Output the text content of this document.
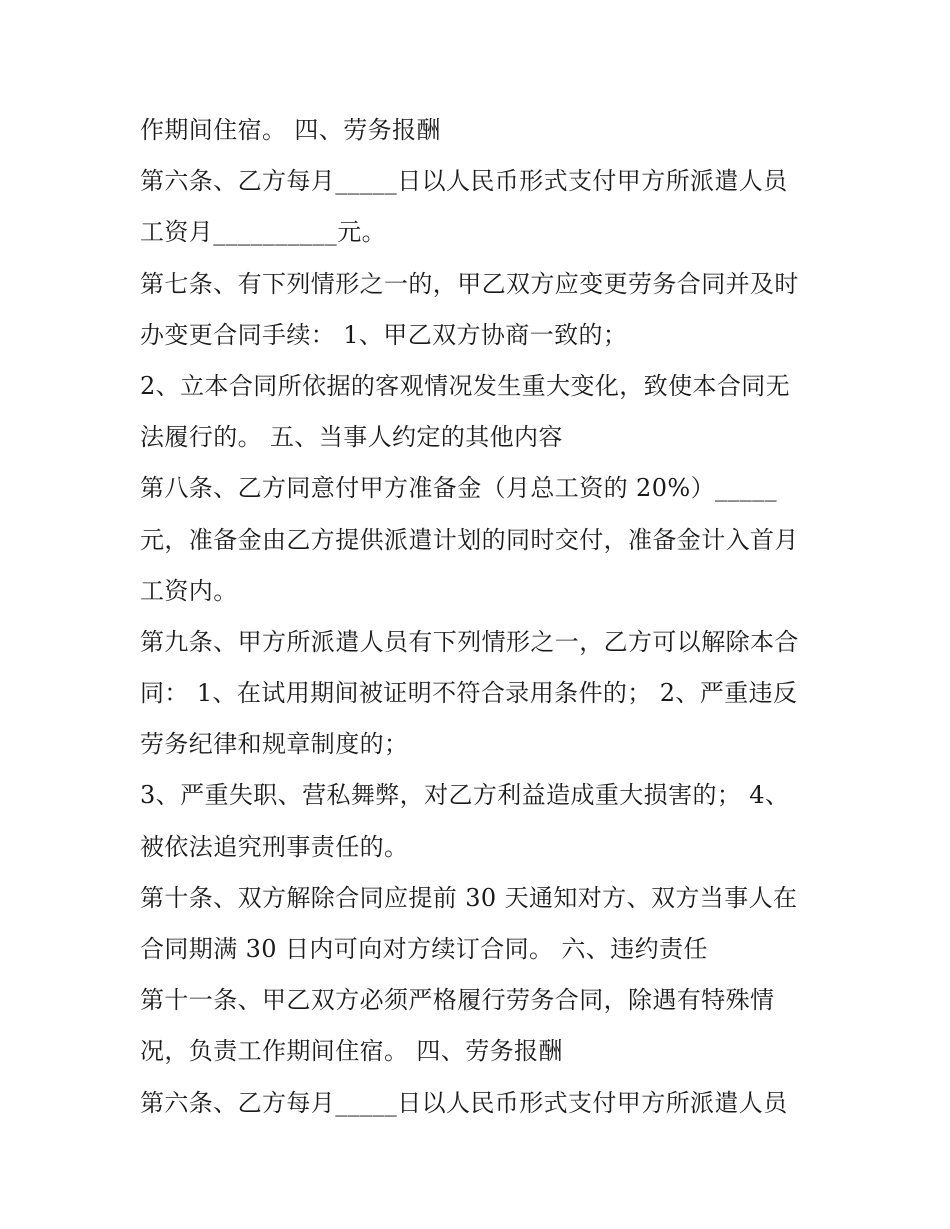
作期间住宿。 四、劳务报酬
第六条、乙方每月_____日以人民币形式支付甲方所派遣人员
工资月__________元。
第七条、有下列情形之一的，甲乙双方应变更劳务合同并及时
办变更合同手续： 1、甲乙双方协商一致的；
2、立本合同所依据的客观情况发生重大变化，致使本合同无
法履行的。 五、当事人约定的其他内容
第八条、乙方同意付甲方准备金（月总工资的 20%）_____
元，准备金由乙方提供派遣计划的同时交付，准备金计入首月
工资内。
第九条、甲方所派遣人员有下列情形之一，乙方可以解除本合
同： 1、在试用期间被证明不符合录用条件的； 2、严重违反
劳务纪律和规章制度的；
3、严重失职、营私舞弊，对乙方利益造成重大损害的； 4、
被依法追究刑事责任的。
第十条、双方解除合同应提前 30 天通知对方、双方当事人在
合同期满 30 日内可向对方续订合同。 六、违约责任
第十一条、甲乙双方必须严格履行劳务合同，除遇有特殊情
况，负责工作期间住宿。 四、劳务报酬
第六条、乙方每月_____日以人民币形式支付甲方所派遣人员
